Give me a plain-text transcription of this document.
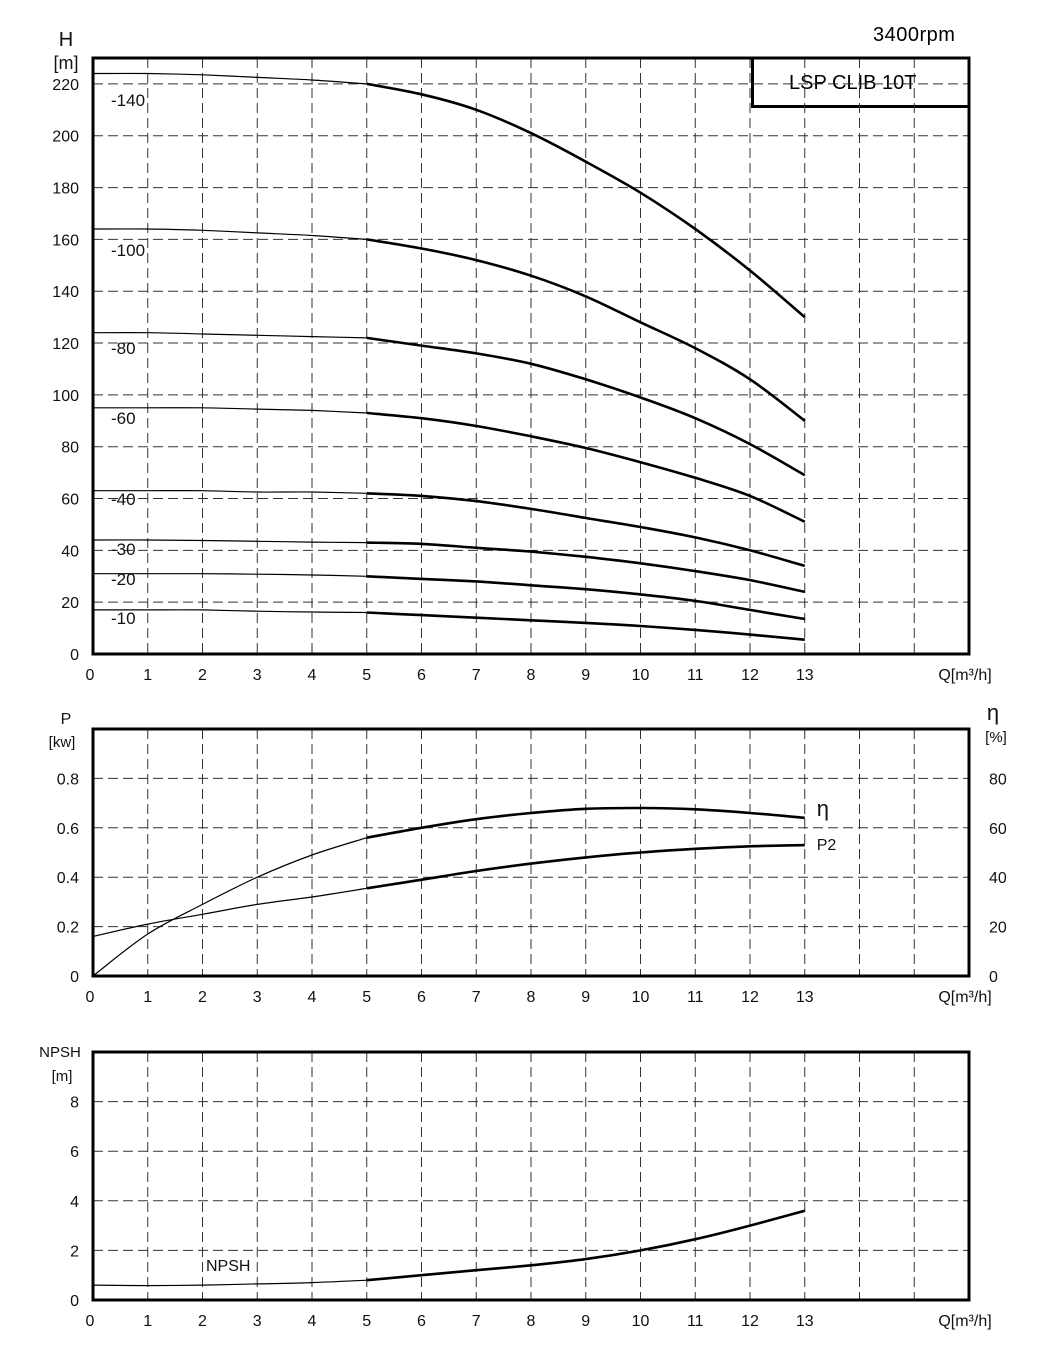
3400rpm
LSP CLIB 10T
0	1	2	3	4	5	6	7	8	9	10 11 12 13	Q[m³/h]
0
20
40
60
80
100
120
140
160
180
200
220
H
[m]
-140
-100
-80
-60
-40
-30
-20
-10
0	1	2	3	4	5	6	7	8	9	10 11 12 13	Q[m³/h]
0
0.2
0.4
0.6
0.8
P
[kw]
η
[%]
0
20
40
60
80
η
P2
0	1	2	3	4	5	6	7	8	9	10 11 12 13	Q[m³/h]
0
2
4
6
8
NPSH
[m]
NPSH
